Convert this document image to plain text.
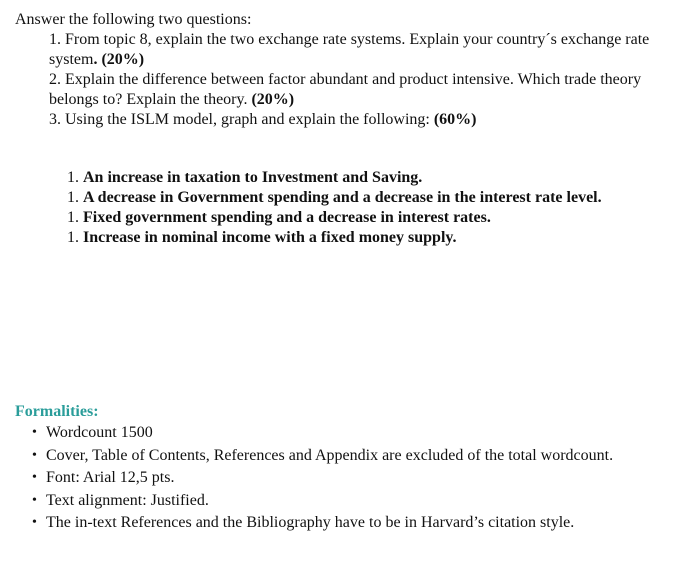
Answer the following two questions:

1. From topic 8, explain the two exchange rate systems. Explain your country´s exchange rate system. (20%)

2. Explain the difference between factor abundant and product intensive. Which trade theory belongs to? Explain the theory. (20%)

3. Using the ISLM model, graph and explain the following: (60%)

1. An increase in taxation to Investment and Saving.
1. A decrease in Government spending and a decrease in the interest rate level.
1. Fixed government spending and a decrease in interest rates.
1. Increase in nominal income with a fixed money supply.
Formalities:
• Wordcount 1500
• Cover, Table of Contents, References and Appendix are excluded of the total wordcount.
• Font: Arial 12,5 pts.
• Text alignment: Justified.
• The in-text References and the Bibliography have to be in Harvard’s citation style.
